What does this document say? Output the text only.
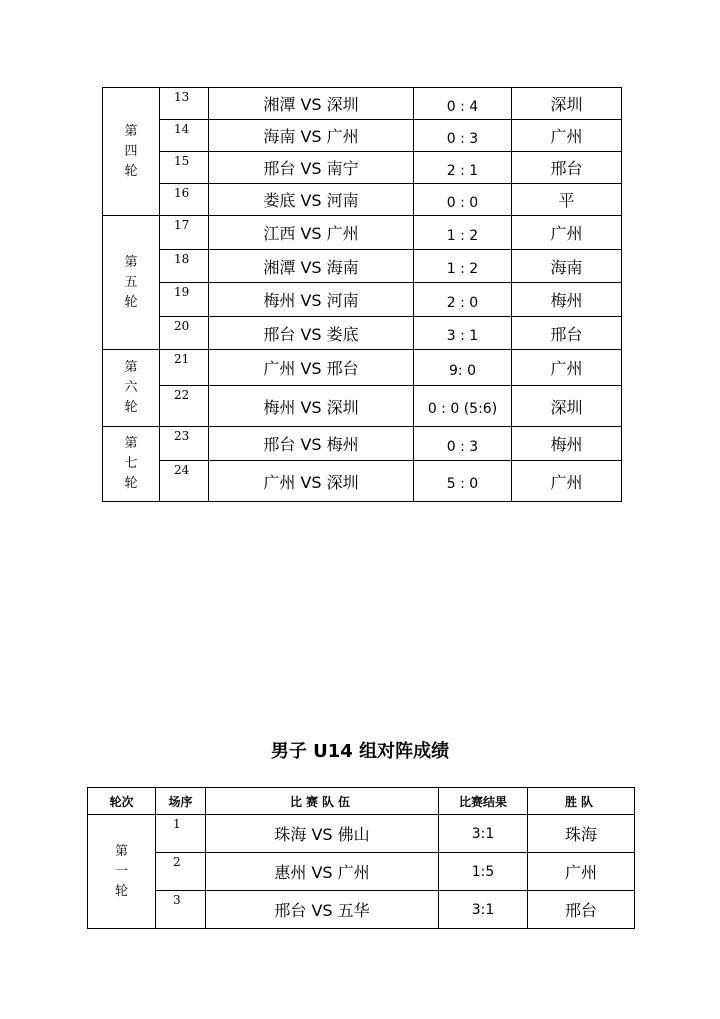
第四轮	13	湘潭 VS 深圳	0 : 4	深圳
	14	海南 VS 广州	0 : 3	广州
	15	邢台 VS 南宁	2 : 1	邢台
	16	娄底 VS 河南	0 : 0	平

第五轮	17	江西 VS 广州	1 : 2	广州
	18	湘潭 VS 海南	1 : 2	海南
	19	梅州 VS 河南	2 : 0	梅州
	20	邢台 VS 娄底	3 : 1	邢台

第六轮	21	广州 VS 邢台	9: 0	广州
	22	梅州 VS 深圳	0 : 0 (5:6)	深圳

第七轮	23	邢台 VS 梅州	0 : 3	梅州
	24	广州 VS 深圳	5 : 0	广州
男子 U14 组对阵成绩
轮次	场序	比赛队伍	比赛结果	胜队

第一轮	1	珠海 VS 佛山	3:1	珠海
	2	惠州 VS 广州	1:5	广州
	3	邢台 VS 五华	3:1	邢台
